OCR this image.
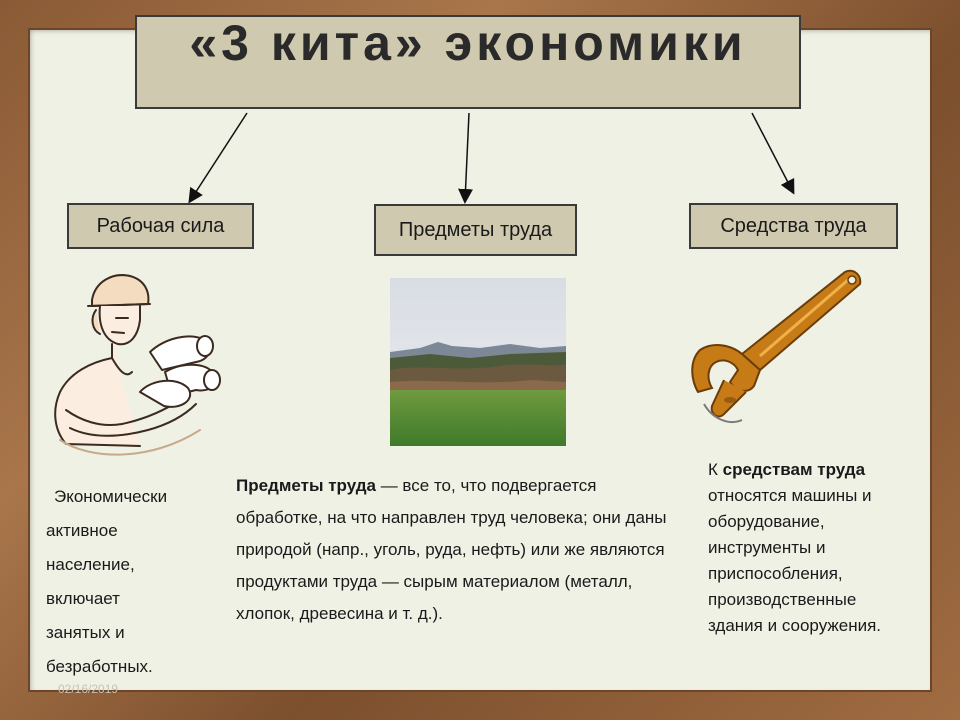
«3 кита» экономики
Рабочая сила	Предметы труда	Средства труда
Экономически
активное
население,
включает
занятых и
безработных.
Предметы труда — все то, что подвергается обработке, на что направлен труд человека; они даны природой (напр., уголь, руда, нефть) или же являются продуктами труда — сырым материалом (металл, хлопок, древесина и т. д.).
К средствам труда относятся машины и оборудование, инструменты и приспособления, производственные здания и сооружения.
02/16/2019
